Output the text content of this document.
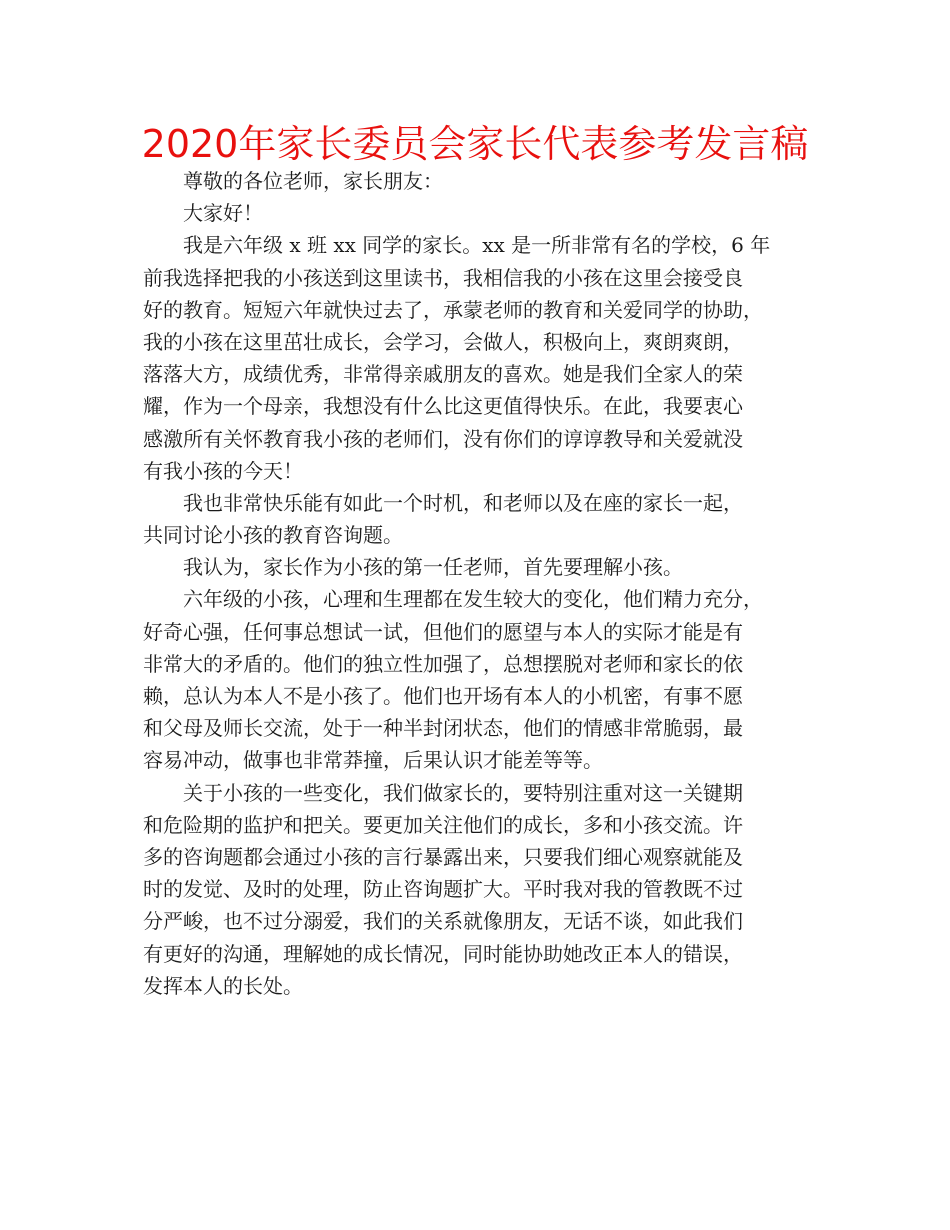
2020年家长委员会家长代表参考发言稿
尊敬的各位老师，家长朋友：
大家好！
我是六年级 x 班 xx 同学的家长。xx 是一所非常有名的学校，6 年
前我选择把我的小孩送到这里读书，我相信我的小孩在这里会接受良
好的教育。短短六年就快过去了，承蒙老师的教育和关爱同学的协助，
我的小孩在这里茁壮成长，会学习，会做人，积极向上，爽朗爽朗，
落落大方，成绩优秀，非常得亲戚朋友的喜欢。她是我们全家人的荣
耀，作为一个母亲，我想没有什么比这更值得快乐。在此，我要衷心
感激所有关怀教育我小孩的老师们，没有你们的谆谆教导和关爱就没
有我小孩的今天！
我也非常快乐能有如此一个时机，和老师以及在座的家长一起，
共同讨论小孩的教育咨询题。
我认为，家长作为小孩的第一任老师，首先要理解小孩。
六年级的小孩，心理和生理都在发生较大的变化，他们精力充分，
好奇心强，任何事总想试一试，但他们的愿望与本人的实际才能是有
非常大的矛盾的。他们的独立性加强了，总想摆脱对老师和家长的依
赖，总认为本人不是小孩了。他们也开场有本人的小机密，有事不愿
和父母及师长交流，处于一种半封闭状态，他们的情感非常脆弱，最
容易冲动，做事也非常莽撞，后果认识才能差等等。
关于小孩的一些变化，我们做家长的，要特别注重对这一关键期
和危险期的监护和把关。要更加关注他们的成长，多和小孩交流。许
多的咨询题都会通过小孩的言行暴露出来，只要我们细心观察就能及
时的发觉、及时的处理，防止咨询题扩大。平时我对我的管教既不过
分严峻，也不过分溺爱，我们的关系就像朋友，无话不谈，如此我们
有更好的沟通，理解她的成长情况，同时能协助她改正本人的错误，
发挥本人的长处。
